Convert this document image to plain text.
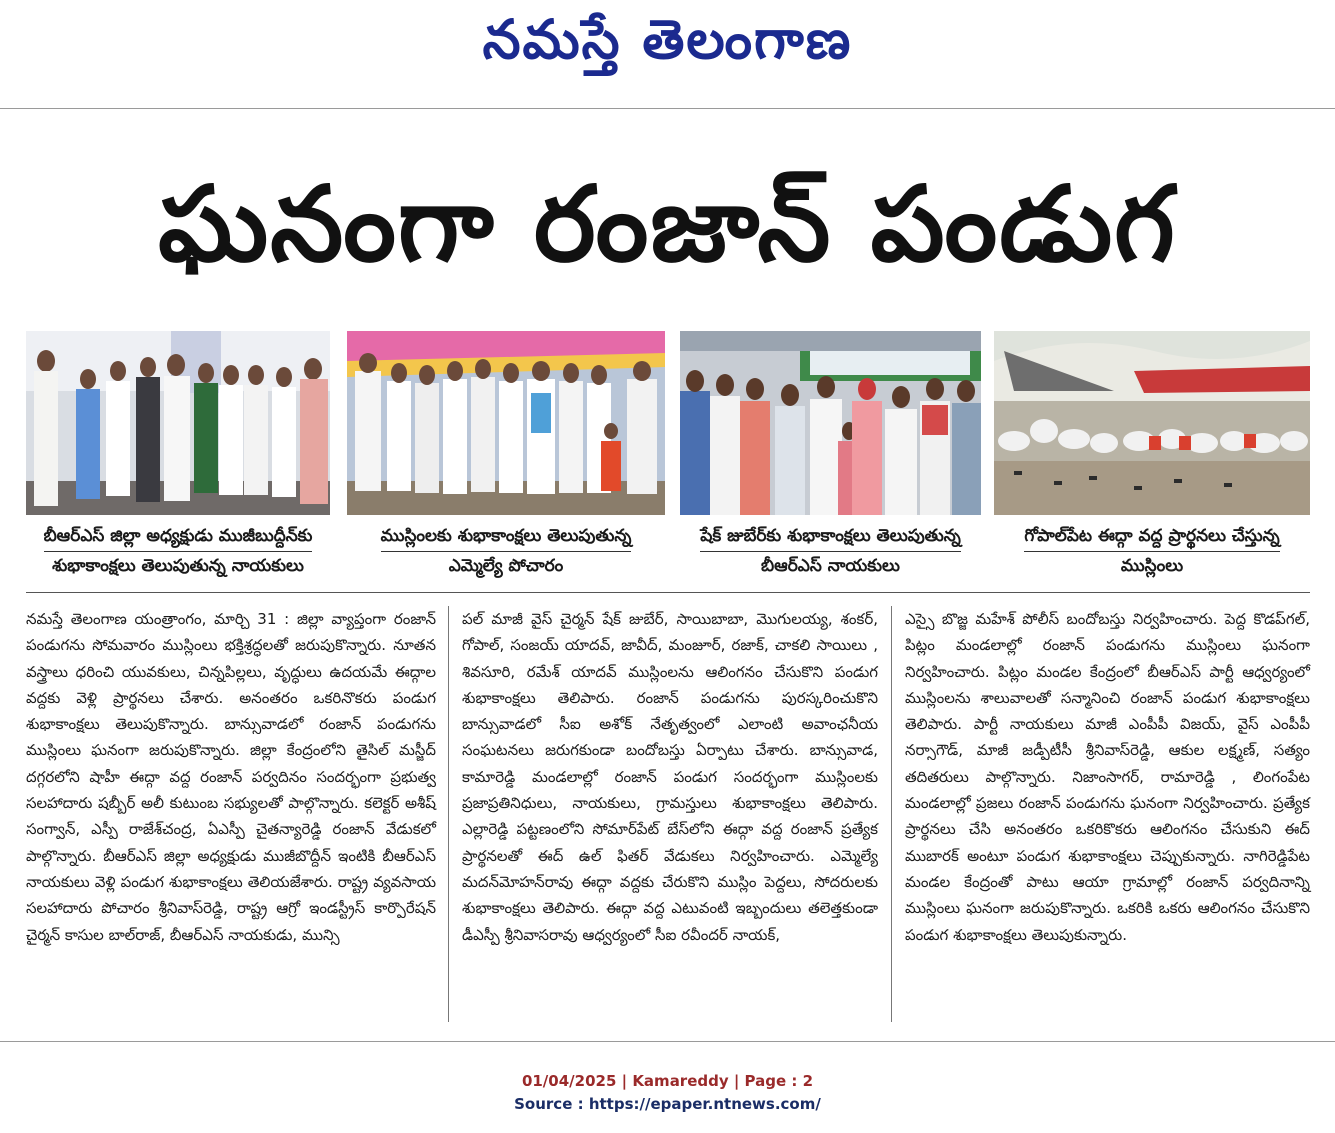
నమస్తే తెలంగాణ
ఘనంగా రంజాన్ పండుగ
బీఆర్ఎస్ జిల్లా అధ్యక్షుడు ముజీబుద్దీన్‌కు
శుభాకాంక్షలు తెలుపుతున్న నాయకులు
ముస్లింలకు శుభాకాంక్షలు తెలుపుతున్న
ఎమ్మెల్యే పోచారం
షేక్ జుబేర్‌కు శుభాకాంక్షలు తెలుపుతున్న
బీఆర్ఎస్ నాయకులు
గోపాల్‌పేట ఈద్గా వద్ద ప్రార్థనలు చేస్తున్న
ముస్లింలు

నమస్తే తెలంగాణ యంత్రాంగం, మార్చి 31 : జిల్లా వ్యాప్తంగా రంజాన్ పండుగను సోమవారం ముస్లింలు భక్తిశ్రద్ధలతో జరుపుకొన్నారు. నూతన వస్త్రాలు ధరించి యువకులు, చిన్నపిల్లలు, వృద్ధులు ఉదయమే ఈద్గాల వద్దకు వెళ్లి ప్రార్థనలు చేశారు. అనంతరం ఒకరినొకరు పండుగ శుభాకాంక్షలు తెలుపుకొన్నారు. బాన్సువాడలో రంజాన్ పండుగను ముస్లింలు ఘనంగా జరుపుకొన్నారు. జిల్లా కేంద్రంలోని తైసిల్ మస్జీద్ దగ్గరలోని షాహీ ఈద్గా వద్ద రంజాన్ పర్వదినం సందర్భంగా ప్రభుత్వ సలహాదారు షబ్బీర్ అలీ కుటుంబ సభ్యులతో పాల్గొన్నారు. కలెక్టర్ అశీష్ సంగ్వాన్, ఎస్పీ రాజేశ్‌చంద్ర, ఏఎస్పీ చైతన్యారెడ్డి రంజాన్ వేడుకలో పాల్గొన్నారు. బీఆర్ఎస్ జిల్లా అధ్యక్షుడు ముజీబొద్దీన్ ఇంటికి బీఆర్ఎస్ నాయకులు వెళ్లి పండుగ శుభాకాంక్షలు తెలియజేశారు. రాష్ట్ర వ్యవసాయ సలహాదారు పోచారం శ్రీనివాస్‌రెడ్డి, రాష్ట్ర ఆగ్రో ఇండస్ట్రీస్ కార్పొరేషన్ చైర్మన్ కాసుల బాల్‌రాజ్, బీఆర్ఎస్ నాయకుడు, మున్సి

పల్ మాజీ వైస్ చైర్మన్ షేక్ జుబేర్, సాయిబాబా, మొగులయ్య, శంకర్, గోపాల్, సంజయ్ యాదవ్, జావీద్, మంజూర్, రజాక్, చాకలి సాయిలు , శివసూరి, రమేశ్ యాదవ్ ముస్లింలను ఆలింగనం చేసుకొని పండుగ శుభాకాంక్షలు తెలిపారు. రంజాన్ పండుగను పురస్కరించుకొని బాన్సువాడలో సీఐ అశోక్ నేతృత్వంలో ఎలాంటి అవాంఛనీయ సంఘటనలు జరుగకుండా బందోబస్తు ఏర్పాటు చేశారు. బాన్సువాడ, కామారెడ్డి మండలాల్లో రంజాన్ పండుగ సందర్భంగా ముస్లింలకు ప్రజాప్రతినిధులు, నాయకులు, గ్రామస్తులు శుభాకాంక్షలు తెలిపారు. ఎల్లారెడ్డి పట్టణంలోని సోమార్‌పేట్ బేస్‌లోని ఈద్గా వద్ద రంజాన్ ప్రత్యేక ప్రార్థనలతో ఈద్ ఉల్ ఫితర్ వేడుకలు నిర్వహించారు. ఎమ్మెల్యే మదన్‌మోహన్‌రావు ఈద్గా వద్దకు చేరుకొని ముస్లిం పెద్దలు, సోదరులకు శుభాకాంక్షలు తెలిపారు. ఈద్గా వద్ద ఎటువంటి ఇబ్బందులు తలెత్తకుండా డీఎస్పీ శ్రీనివాసరావు ఆధ్వర్యంలో సీఐ రవీందర్ నాయక్,

ఎస్సై బొజ్జ మహేశ్ పోలీస్ బందోబస్తు నిర్వహించారు. పెద్ద కొడప్‌గల్, పిట్లం మండలాల్లో రంజాన్ పండుగను ముస్లింలు ఘనంగా నిర్వహించారు. పిట్లం మండల కేంద్రంలో బీఆర్ఎస్ పార్టీ ఆధ్వర్యంలో ముస్లింలను శాలువాలతో సన్మానించి రంజాన్ పండుగ శుభాకాంక్షలు తెలిపారు. పార్టీ నాయకులు మాజీ ఎంపీపీ విజయ్, వైస్ ఎంపీపీ నర్సాగౌడ్, మాజీ జడ్పీటీసీ శ్రీనివాస్‌రెడ్డి, ఆకుల లక్ష్మణ్, సత్యం తదితరులు పాల్గొన్నారు. నిజాంసాగర్, రామారెడ్డి , లింగంపేట మండలాల్లో ప్రజలు రంజాన్ పండుగను ఘనంగా నిర్వహించారు. ప్రత్యేక ప్రార్థనలు చేసి అనంతరం ఒకరికొకరు ఆలింగనం చేసుకుని ఈద్ ముబారక్ అంటూ పండుగ శుభాకాంక్షలు చెప్పుకున్నారు. నాగిరెడ్డిపేట మండల కేంద్రంతో పాటు ఆయా గ్రామాల్లో రంజాన్ పర్వదినాన్ని ముస్లింలు ఘనంగా జరుపుకొన్నారు. ఒకరికి ఒకరు ఆలింగనం చేసుకొని పండుగ శుభాకాంక్షలు తెలుపుకున్నారు.

01/04/2025 | Kamareddy | Page : 2
Source : https://epaper.ntnews.com/
